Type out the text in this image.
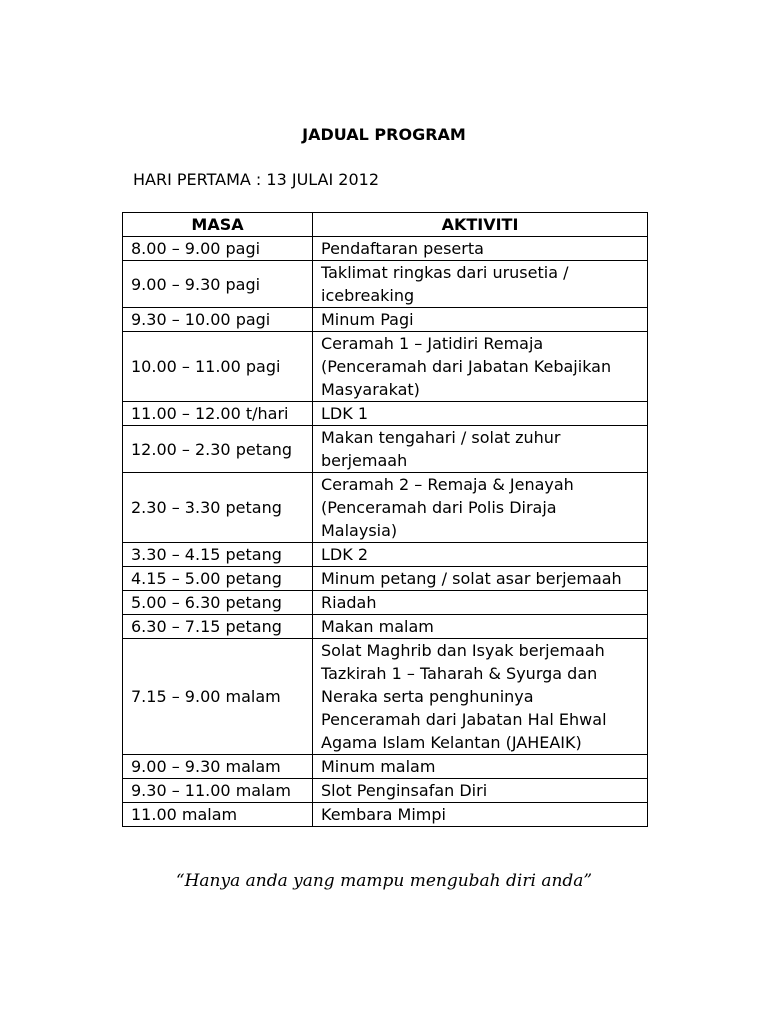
JADUAL PROGRAM
HARI PERTAMA : 13 JULAI 2012
MASA	AKTIVITI
8.00 – 9.00 pagi	Pendaftaran peserta

9.00 – 9.30 pagi	Taklimat ringkas dari urusetia /
icebreaking

9.30 – 10.00 pagi	Minum Pagi

10.00 – 11.00 pagi	Ceramah 1 – Jatidiri Remaja
(Penceramah dari Jabatan Kebajikan
Masyarakat)

11.00 – 12.00 t/hari	LDK 1

12.00 – 2.30 petang	Makan tengahari / solat zuhur
berjemaah

2.30 – 3.30 petang	Ceramah 2 – Remaja & Jenayah
(Penceramah dari Polis Diraja
Malaysia)

3.30 – 4.15 petang	LDK 2

4.15 – 5.00 petang	Minum petang / solat asar berjemaah

5.00 – 6.30 petang	Riadah

6.30 – 7.15 petang	Makan malam

7.15 – 9.00 malam	Solat Maghrib dan Isyak berjemaah
Tazkirah 1 – Taharah & Syurga dan
Neraka serta penghuninya
Penceramah dari Jabatan Hal Ehwal
Agama Islam Kelantan (JAHEAIK)

9.00 – 9.30 malam	Minum malam

9.30 – 11.00 malam	Slot Penginsafan Diri

11.00 malam	Kembara Mimpi
“Hanya anda yang mampu mengubah diri anda”
